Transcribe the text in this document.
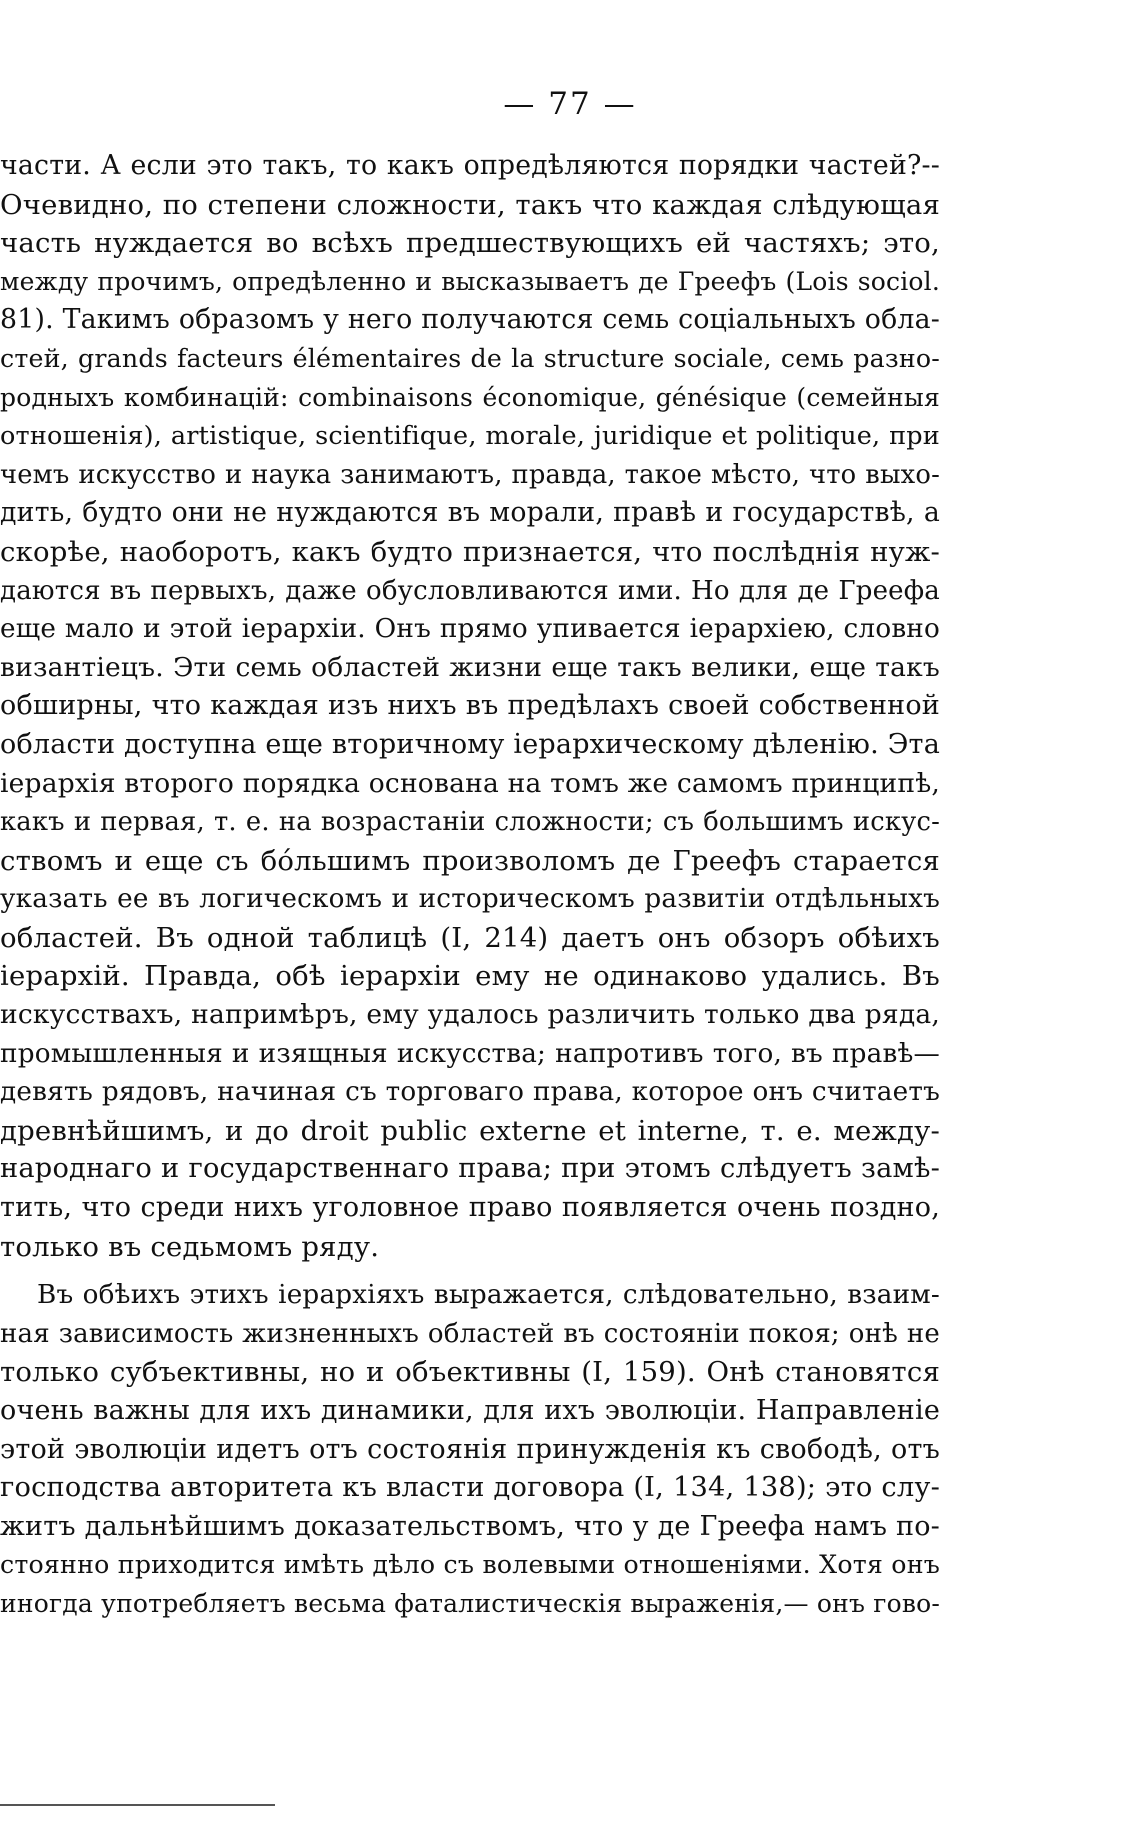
— 77 —
части. А если это такъ, то какъ опредѣляются порядки частей?--
Очевидно, по степени сложности, такъ что каждая слѣдующая
часть нуждается во всѣхъ предшествующихъ ей частяхъ; это,
между прочимъ, опредѣленно и высказываетъ де Греефъ (Lois sociol.
81). Такимъ образомъ у него получаются семь соціальныхъ обла-
стей, grands facteurs élémentaires de la structure sociale, семь разно-
родныхъ комбинацій: combinaisons économique, génésique (семейныя
отношенія), artistique, scientifique, morale, juridique et politique, при
чемъ искусство и наука занимаютъ, правда, такое мѣсто, что выхо-
дить, будто они не нуждаются въ морали, правѣ и государствѣ, а
скорѣе, наоборотъ, какъ будто признается, что послѣднія нуж-
даются въ первыхъ, даже обусловливаются ими. Но для де Греефа
еще мало и этой іерархіи. Онъ прямо упивается іерархіею, словно
византіецъ. Эти семь областей жизни еще такъ велики, еще такъ
обширны, что каждая изъ нихъ въ предѣлахъ своей собственной
области доступна еще вторичному іерархическому дѣленію. Эта
іерархія второго порядка основана на томъ же самомъ принципѣ,
какъ и первая, т. е. на возрастаніи сложности; съ большимъ искус-
ствомъ и еще съ бóльшимъ произволомъ де Греефъ старается
указать ее въ логическомъ и историческомъ развитіи отдѣльныхъ
областей. Въ одной таблицѣ (I, 214) даетъ онъ обзоръ обѣихъ
іерархій. Правда, обѣ іерархіи ему не одинаково удались. Въ
искусствахъ, напримѣръ, ему удалось различить только два ряда,
промышленныя и изящныя искусства; напротивъ того, въ правѣ—
девять рядовъ, начиная съ торговаго права, которое онъ считаетъ
древнѣйшимъ, и до droit public externe et interne, т. е. между-
народнаго и государственнаго права; при этомъ слѣдуетъ замѣ-
тить, что среди нихъ уголовное право появляется очень поздно,
только въ седьмомъ ряду.
Въ обѣихъ этихъ іерархіяхъ выражается, слѣдовательно, взаим-
ная зависимость жизненныхъ областей въ состояніи покоя; онѣ не
только субъективны, но и объективны (I, 159). Онѣ становятся
очень важны для ихъ динамики, для ихъ эволюціи. Направленіе
этой эволюціи идетъ отъ состоянія принужденія къ свободѣ, отъ
господства авторитета къ власти договора (I, 134, 138); это слу-
житъ дальнѣйшимъ доказательствомъ, что у де Греефа намъ по-
стоянно приходится имѣть дѣло съ волевыми отношеніями. Хотя онъ
иногда употребляетъ весьма фаталистическія выраженія,— онъ гово-
